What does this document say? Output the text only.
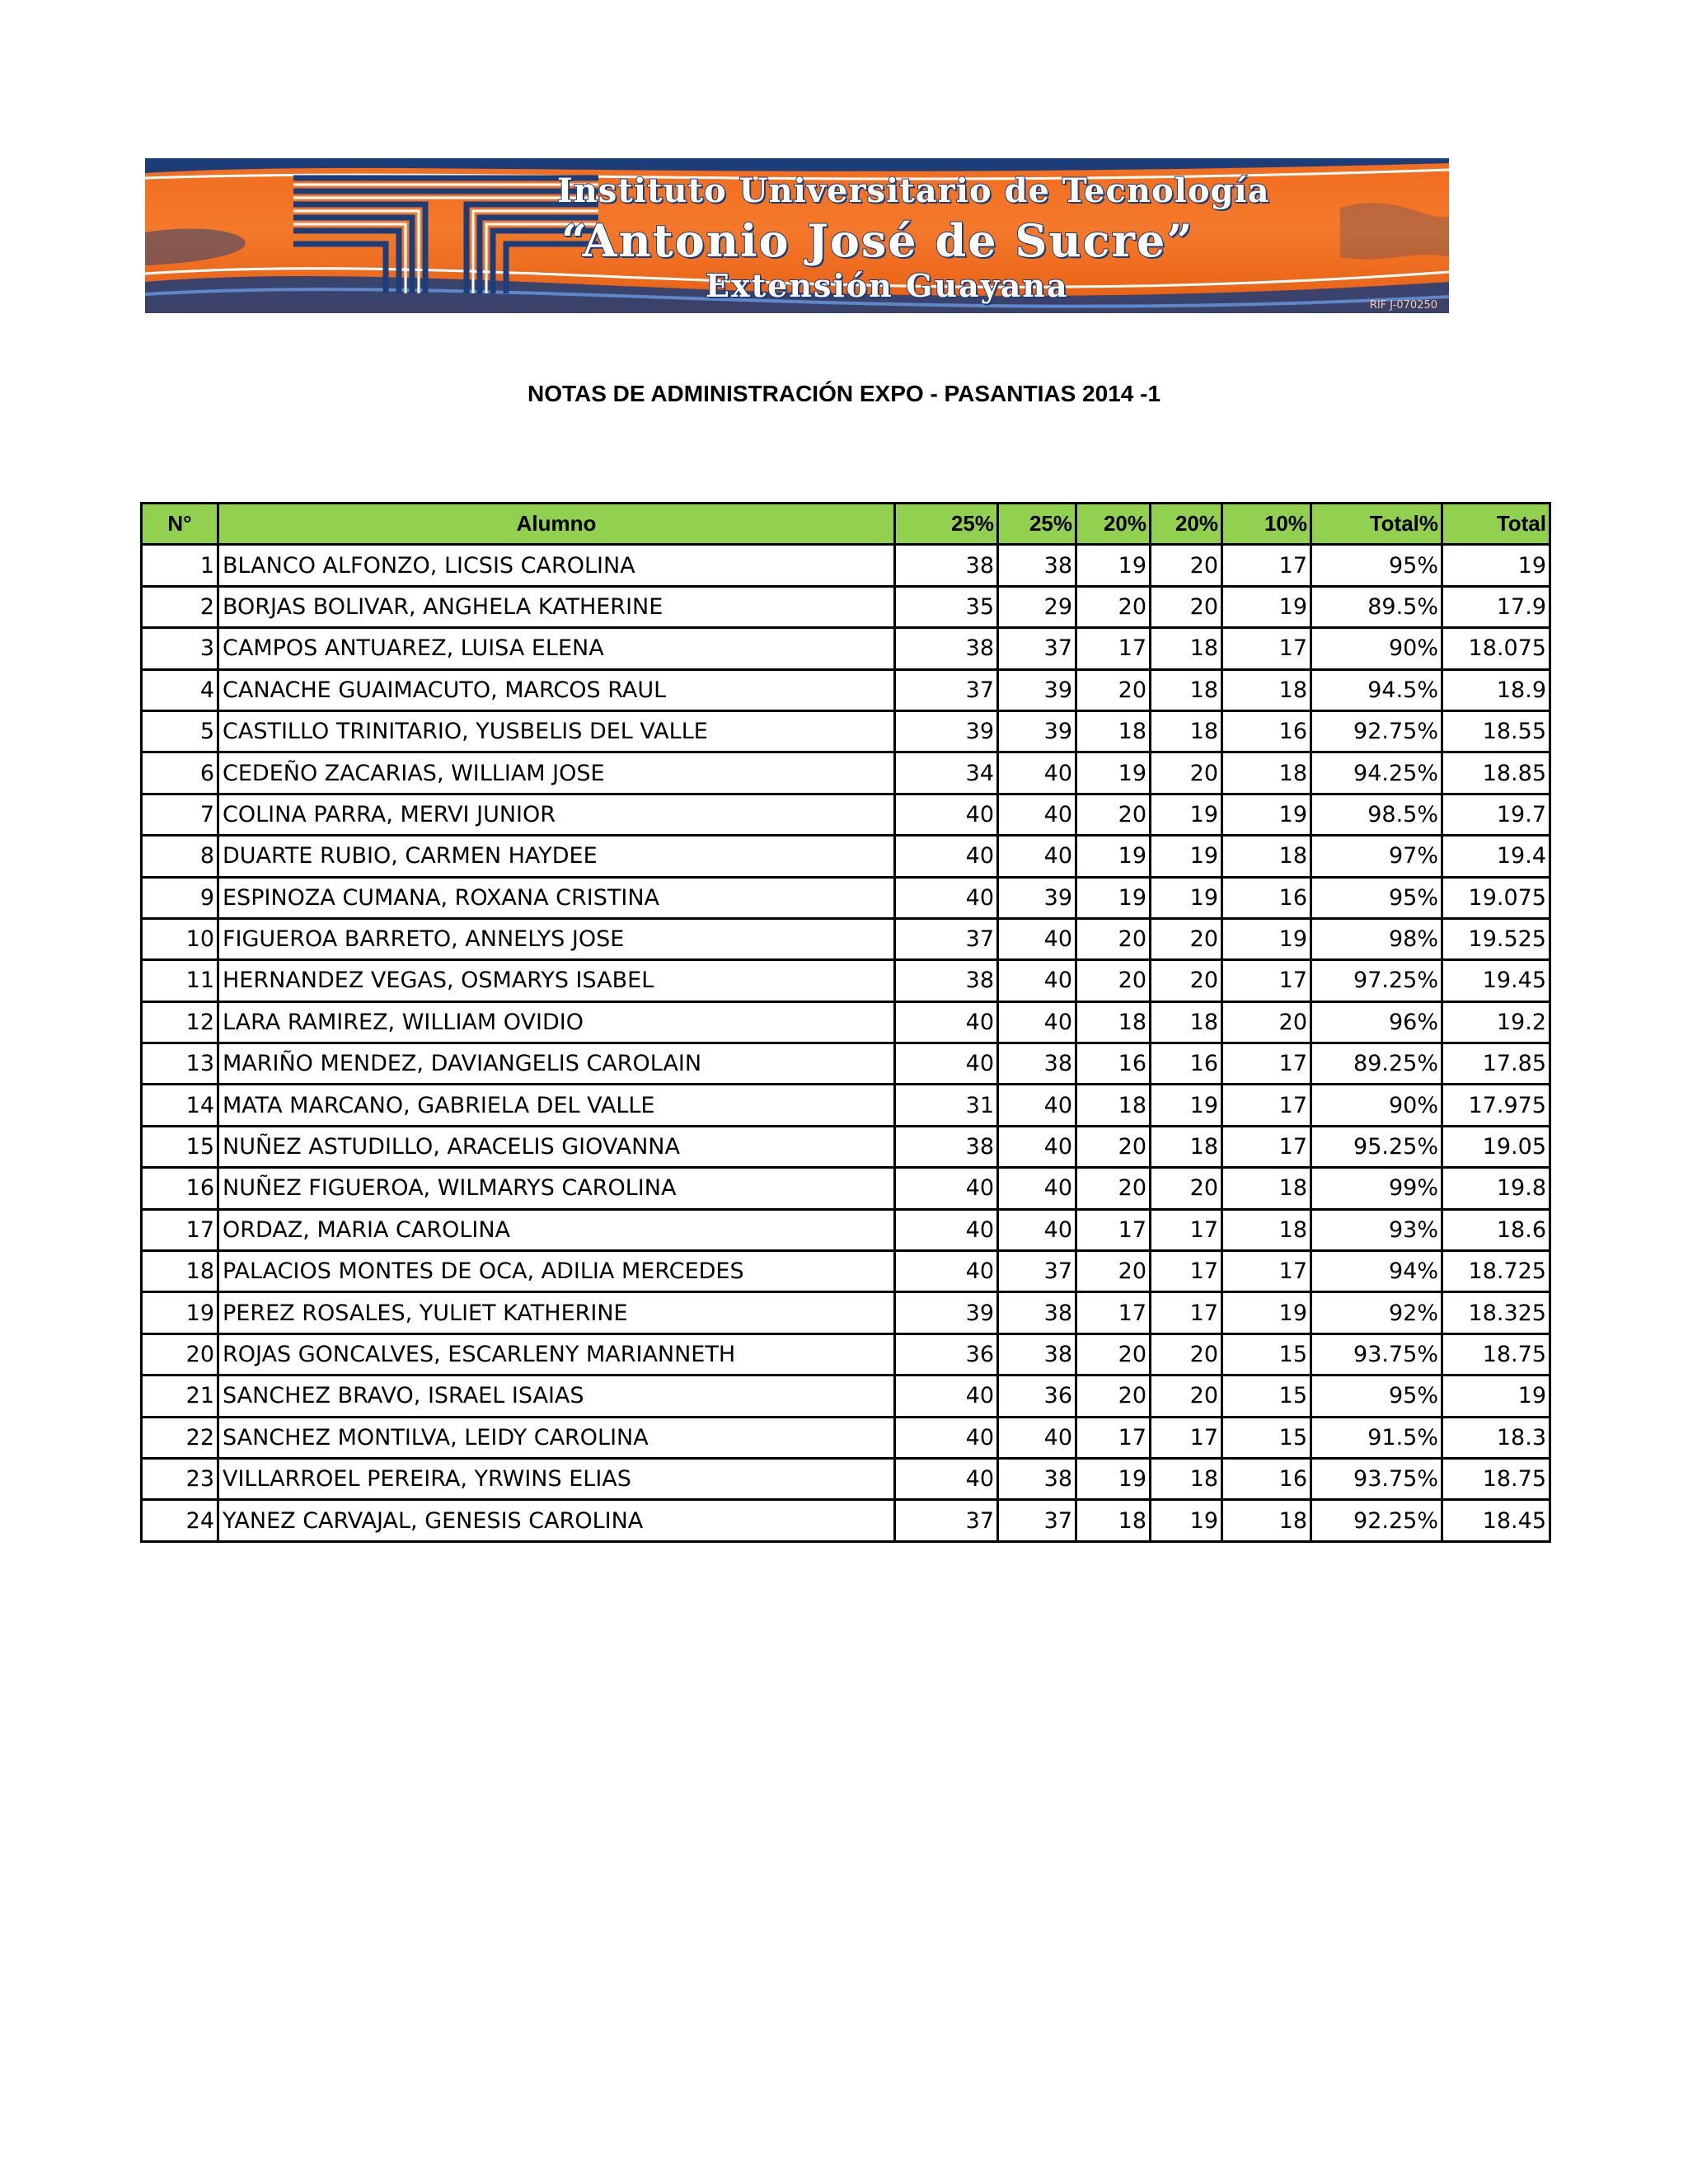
Instituto Universitario de Tecnología
“Antonio José de Sucre”
Extensión Guayana
RIF J-070250
NOTAS DE ADMINISTRACIÓN EXPO - PASANTIAS 2014 -1
N°	Alumno	25%	25%	20%	20%	10%	Total%	Total
1	BLANCO ALFONZO, LICSIS CAROLINA	38	38	19	20	17	95%	19
2	BORJAS BOLIVAR, ANGHELA KATHERINE	35	29	20	20	19	89.5%	17.9
3	CAMPOS ANTUAREZ, LUISA ELENA	38	37	17	18	17	90%	18.075
4	CANACHE GUAIMACUTO, MARCOS RAUL	37	39	20	18	18	94.5%	18.9
5	CASTILLO TRINITARIO, YUSBELIS DEL VALLE	39	39	18	18	16	92.75%	18.55
6	CEDEÑO ZACARIAS, WILLIAM JOSE	34	40	19	20	18	94.25%	18.85
7	COLINA PARRA, MERVI JUNIOR	40	40	20	19	19	98.5%	19.7
8	DUARTE RUBIO, CARMEN HAYDEE	40	40	19	19	18	97%	19.4
9	ESPINOZA CUMANA, ROXANA CRISTINA	40	39	19	19	16	95%	19.075
10	FIGUEROA BARRETO, ANNELYS JOSE	37	40	20	20	19	98%	19.525
11	HERNANDEZ VEGAS, OSMARYS ISABEL	38	40	20	20	17	97.25%	19.45
12	LARA RAMIREZ, WILLIAM OVIDIO	40	40	18	18	20	96%	19.2
13	MARIÑO MENDEZ, DAVIANGELIS CAROLAIN	40	38	16	16	17	89.25%	17.85
14	MATA MARCANO, GABRIELA DEL VALLE	31	40	18	19	17	90%	17.975
15	NUÑEZ ASTUDILLO, ARACELIS GIOVANNA	38	40	20	18	17	95.25%	19.05
16	NUÑEZ FIGUEROA, WILMARYS CAROLINA	40	40	20	20	18	99%	19.8
17	ORDAZ, MARIA CAROLINA	40	40	17	17	18	93%	18.6
18	PALACIOS MONTES DE OCA, ADILIA MERCEDES	40	37	20	17	17	94%	18.725
19	PEREZ ROSALES, YULIET KATHERINE	39	38	17	17	19	92%	18.325
20	ROJAS GONCALVES, ESCARLENY MARIANNETH	36	38	20	20	15	93.75%	18.75
21	SANCHEZ BRAVO, ISRAEL ISAIAS	40	36	20	20	15	95%	19
22	SANCHEZ MONTILVA, LEIDY CAROLINA	40	40	17	17	15	91.5%	18.3
23	VILLARROEL PEREIRA, YRWINS ELIAS	40	38	19	18	16	93.75%	18.75
24	YANEZ CARVAJAL, GENESIS CAROLINA	37	37	18	19	18	92.25%	18.45
